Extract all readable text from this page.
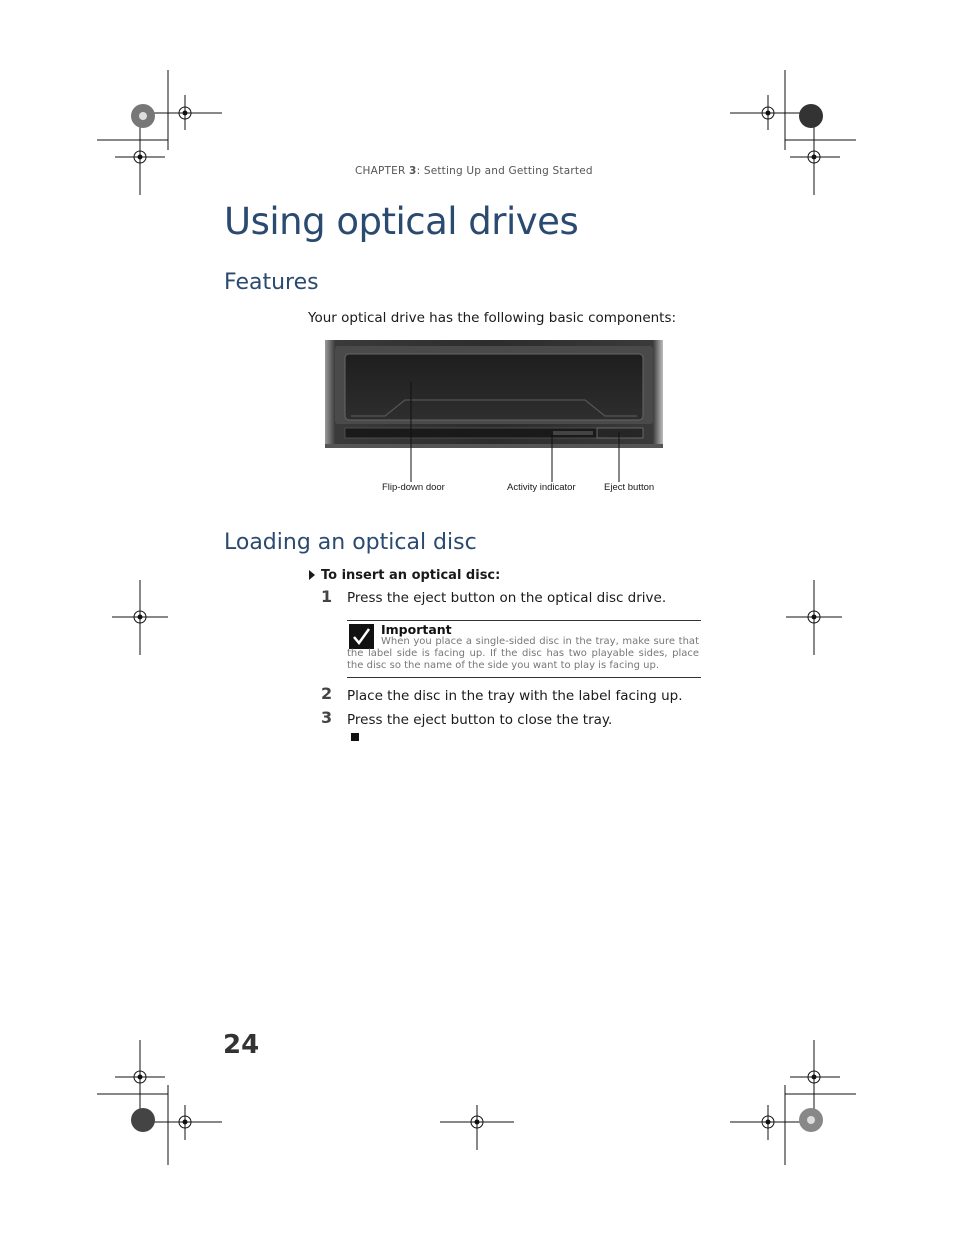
CHAPTER 3: Setting Up and Getting Started
Using optical drives
Features
Your optical drive has the following basic components:
Flip-down door	Activity indicator	Eject button
Loading an optical disc
To insert an optical disc:
1 Press the eject button on the optical disc drive.
Important
When you place a single-sided disc in the tray, make sure that the label side is facing up. If the disc has two playable sides, place the disc so the name of the side you want to play is facing up.
2 Place the disc in the tray with the label facing up.
3 Press the eject button to close the tray.
24
